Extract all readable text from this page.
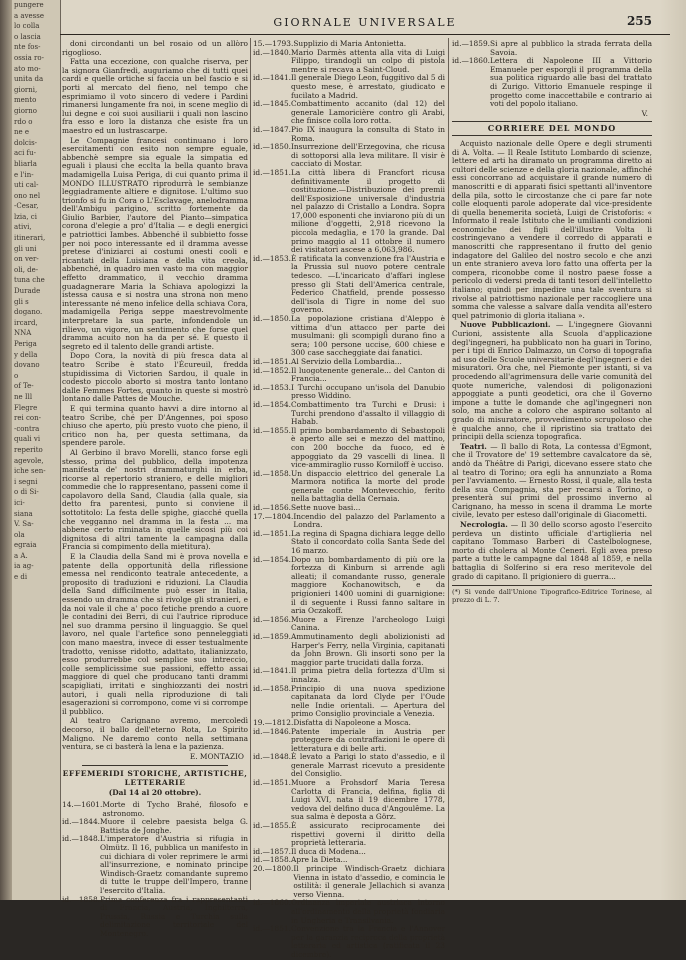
pungere
a avesse
lo colla
o lascia
nte fos-
ossia ro-
ato mo-
unita da
giorni,
mento
giorno
rdo o
ne e
dolcis-
aci fu-
bliarla
e l'in-
uti cal-
ono nel
-Cesar,
lzia, ci
ativi,
itinerari,
gli uni
on ver-
oli, de-
tuna che
Durade
gli s
dogano.
ircard,
NNA
Periga
y della
dovano
o
of Te-
ne Ill
Flegre
rei con-
-contra
quali vi
reperito
agevole,
iche sen-
i segni
o di Si-
ici-
siana
V. Sa-
ola
egraia
a A.
ia ag-
e di
GIORNALE UNIVERSALE	255

doni circondanti un bel rosaio od un allòro rigoglioso.

Fatta una eccezione, con qualche riserva, per la signora Gianfredi, auguriamo che di tutti quei cardi e quelle ortiche si faccia un bel fascio e si porti al mercato del fieno, nel tempo che esprimiamo il voto sincero di vedere i Pardini rimanersi lungamente fra noi, in scene meglio di lui degne e coi suoi ausiliarii i quali non lascino fra esso e loro la distanza che esiste fra un maestro ed un lustrascarpe.

Le Compagnie francesi continuano i loro esercitamenti con esito non sempre eguale, abbenchè sempre sia eguale la simpatia ed eguali i plausi che ecclta la bella quanto brava madamigella Luisa Periga, di cui quanto prima il MONDO ILLUSTRATO riprodurrà le sembianze leggiadramente altiere e dignitose. L'ultimo suo trionfo si fu in Cora o L'Esclavage, anelodramma dell'Ambigu parigino, scritto fortemente da Giulio Barbier, l'autore del Pianto—simpatica corona d'elegie a pro' d'Italia — e degli energici e patriottici Iambes. Abbenché il subbietto fosse per noi poco interessante ed il dramma avesse pretese d'iniziarci ai costumi onesti cooli e ricantati della Luisiana e della vita creola, abbenché, in quadro men vasto ma con maggior effetto drammatico, il vecchio dramma guadagnerare Maria la Schiava apologizzi la istessa causa e si nostra una strona non meno interessante né meno infelice della schiava Cora, madamigella Periga seppe maestrevolmente interpretare la sua parte, infondendole un rilievo, un vigore, un sentimento che forse quel dramma acuito non ha da per sé. E questo il segreto ed il talento delle grandi artiste.

Dopo Cora, la novità di più fresca data al teatro Scribe è stato l'Écureuil, fredda stupidissima di Victorien Sardou, il quale in codesto piccolo aborto si mostra tanto lontano dalle Femmes Fortes, quanto in queste si mostrò lontano dalle Pattes de Mouche.

E qui termina quanto havvi a dire intorno al teatro Scribe, ché per D'Angennes, poi sposo chiuso che aperto, più presto vuoto che pieno, il critico non ha, per questa settimana, da spendere parole.

Al Gerbino il bravo Morelli, stanco forse egli stesso, prima del pubblico, della impotenza manifesta de' nostri drammaturghi in erba, ricorse al repertorio straniero, e delle migliori commedie che lo rappresentano, passeni come il capolavoro della Sand, Claudia (alla quale, sia detto fra parentesi, punto si conviene il sottotitolo: La festa delle spighe, giacché quella che vegganno nel dramma in la festa ... ma abbene certo riminata in quelle sicosi più coi dignitosa di altri tamente la campagna dalla Francia si compimento della mietitura).

E la Claudia della Sand mi è prova novella e patente della opportunità della riflessione emessa nel rendiconto teatrale antecedente, a proposito di traduzioni e riduzioni. La Claudia della Sand difficilmente può esser in Italia, essendo un dramma che si rivolge gli stranieri, e da noi vale il che a' poco fetiche prendo a cuore le contadini dei Berri, di cui l'autrice riproduce nel suo dramma persino il linguaggio. Se quel lavoro, nel quale l'artefice sono penneleggiati con mano maestra, invece di esser testualmente tradotto, venisse ridotto, adattato, italianizzato, esso produrrebbe col semplice suo intreccio, colle semplicissime sue passioni, effetto assai maggiore di quel che producano tanti drammi scapigliati, irritati e singhiozzanti dei nostri autori, i quali nella riproduzione di tali esagerazioni si corrompono, come vi si corrompe il pubblico.

Al teatro Carignano avremo, mercoledì decorso, il ballo dell'eterno Rota, Lo Spirito Maligno. Ne daremo conto nella settimana ventura, se ci basterà la lena e la pazienza.

E. MONTAZIO
EFFEMERIDI STORICHE, ARTISTICHE, LETTERARIE
(Dal 14 al 20 ottobre).
14.—1601. Morte di Tycho Brahé, filosofo e astronomo.
id.—1844. Muore il celebre paesista belga G. Battista de Jonghe.
id.—1848. L'imperatore d'Austria si rifugia in Olmütz. Il 16, pubblica un manifesto in cui dichiara di voler reprimere le armi all'insurrezione, e nominato principe Windisch-Graetz comandante supremo di tutte le truppe dell'Impero, tranne l'esercito d'Italia.
id.—1858. Prima conferenza fra i rappresentanti di Francia, Austria, Inghilterra, Prussia, Russia e Turchia sulla delimitazione territoriale del Montenegro.
15.—1793. Supplizio di Maria Antonietta.
id.—1840. Mario Darmès attenta alla vita di Luigi Filippo, tirandogli un colpo di pistola mentre si recava a Saint-Cloud.
id.—1841. Il generale Diego Leon, fuggitivo dal 5 di questo mese, è arrestato, giudicato e fucilato a Madrid.
id.—1845. Combattimento accanito (dal 12) del generale Lamoricière contro gli Arabi, che finisce colla loro rotta.
id.—1847. Pio IX inaugura la consulta di Stato in Roma.
id.—1850. Insurrezione dell'Erzegovina, che ricusa di sottoporsi alla leva militare. Il visir è cacciato di Mostar.
id.—1851. La città libera di Francfort ricusa definitivamente il progetto di costituzione.—Distribuzione dei premii dell'Esposizione universale d'industria nel palazzo di Cristallo a Londra. Sopra 17,000 esponenti che inviarono più di un milione d'oggetti, 2,918 ricevono la piccola medaglia, e 170 la grande. Dal primo maggio al 11 ottobre il numero dei visitatori ascese a 6,063,986.
id.—1853. È ratificata la convenzione fra l'Austria e la Prussia sul nuovo potere centrale tedesco. —L'incaricato d'affari inglese presso gli Stati dell'America centrale, Federico Chatfield, prende possesso dell'isola di Tigre in nome del suo governo.
id.—1850. La popolazione cristiana d'Aleppo è vittima d'un attacco per parte dei musulmani: gli scompigli durano fino a sera; 100 persone uccise, 600 chiese e 300 case saccheggiate dai fanatici.
id.—1851. Al Servizio della Lombardia...
id.—1852. Il luogotenente generale... del Canton di Francia...
id.—1853. I Turchi occupano un'isola del Danubio presso Widdino.
id.—1854. Combattimento tra Turchi e Drusi: i Turchi prendono d'assalto il villaggio di Habab.
id.—1855. Il primo bombardamento di Sebastopoli è aperto alle sei e mezzo del mattino, con 200 bocche da fuoco, ed è appoggiato da 29 vascelli di linea. Il vice-ammiraglio russo Korniloff è ucciso.
id.—1858. Un dispaccio elettrico del generale La Marmora notifica la morte del prode generale conte Montevecchio, ferito nella battaglia della Cernaia.
id.—1856. Sette nuove basi...
17.—1804. Incendio del palazzo del Parlamento a Londra.
id.—1851. La regina di Spagna dichiara legge dello Stato il concordato colla Santa Sede del 16 marzo.
id.—1854. Dopo un bombardamento di più ore la fortezza di Kinburn si arrende agli alleati; il comandante russo, generale maggiore Kochanowitsch, e da prigionieri 1400 uomini di guarnigione: il di seguente i Russi fanno saltare in aria Oczakoff.
id.—1856. Muore a Firenze l'archeologo Luigi Canina.
id.—1859. Ammutinamento degli abolizionisti ad Harper's Ferry, nella Virginia, capitanati da John Brown. Gli insorti sono per la maggior parte trucidati dalla forza.
id.—1841. Il prima pietra della fortezza d'Ulm si innalza.
id.—1858. Principio di una nuova spedizione capitanata da lord Clyde per l'Oude nelle Indie orientali. — Apertura del primo Consiglio provinciale a Venezia.
19.—1812. Disfatta di Napoleone a Mosca.
id.—1846. Patente imperiale in Austria per proteggere da contraffazioni le opere di letteratura e di belle arti.
id.—1848. È levato a Parigi lo stato d'assedio, e il generale Marrast ricevuto a presidente del Consiglio.
id.—1851. Muore a Frohsdorf Maria Teresa Carlotta di Francia, delfina, figlia di Luigi XVI, nata il 19 dicembre 1778, vedova del delfino duca d'Angoulême. La sua salma è deposta a Görz.
id.—1855. È assicurato reciprocamente dei rispettivi governi il diritto della proprietà letteraria.
id.—1857. Il duca di Modena...
id.—1858. Apre la Dieta...
20.—1800. Il principe Windisch-Graetz dichiara Vienna in istato d'assedio, e comincia le ostilità: il generale Jellachich si avanza verso Vienna.
id.—1860. Ordinanza imperiale austriaca intorno all'ordinamento della proprietà fondiaria in Ungheria e Transilvania.
id.—1851. Convenzione tra la Francia e l'Annover per la garanzia reciproca della proprietà letteraria ed artistica (ratificata il 23 dicembre).
id.—1859. Si apre al pubblico la strada ferrata della Savoia.
id.—1860. Lettera di Napoleone III a Vittorio Emanuele per esporgli il programma della sua politica riguardo alle basi del trattato di Zurigo. Vittorio Emanuele respinge il progetto come inaccettabile e contrario ai voti del popolo italiano.
V.
CORRIERE DEL MONDO

Acquisto nazionale delle Opere e degli strumenti di A. Volta. — Il Reale Istituto Lombardo di scienze, lettere ed arti ha diramato un programma diretto ai cultori delle scienze e della gloria nazionale, affinché essi concorrano ad acquistare il grande numero di manoscritti e di apparati fisici spettanti all'inventore della pila, sotto le circostanze che ci pare far note colle eloquenti parole adoperate dal vice-presidente di quella benemerita società, Luigi de Cristoforis: « Informato il reale Istituto che le umilianti condizioni economiche dei figli dell'illustre Volta li costringevano a vendere il corredo di apparati e manoscritti che rappresentano il frutto del genio indagatore del Galileo del nostro secolo e che anzi un ente straniero aveva loro fatto una offerta per la compera, riconobbe come il nostro paese fosse a pericolo di vedersi preda di tanti tesori dell'intelletto italiano; quindi per impedire una tale sventura si rivolse al patriottismo nazionale per raccogliere una somma che valesse a salvare dalla vendita all'estero quel patrimonio di gloria italiana ».

Nuove Pubblicazioni. — L'ingegnere Giovanni Curioni, assistente alla Scuola d'applicazione degl'ingegneri, ha pubblicato non ha guari in Torino, per i tipi di Enrico Dalmazzo, un Corso di topografia ad uso delle Scuole universitarie degl'ingegneri e dei misuratori. Ora che, nel Piemonte per istanti, si va procedendo all'agrimensura delle varie comunità del quote numeriche, valendosi di poligonazioni appoggiate a punti geodetici, ora che il Governo impone a tutte le domande che agl'ingegneri non solo, ma anche a coloro che aspirano soltanto al grado di misuratore, provvedimento scrupoloso che è qualche anno, che il ripristino sia trattato dei principii della scienza topografica.

Teatri. — Il ballo di Rota, La contessa d'Egmont, che il Trovatore de' 19 settembre cavalcatore da sè, andò da Théâtre di Parigi, dicevano essere stato che al teatro di Torino; ora egli ha annunziato a Roma per l'avviamento. — Ernesto Rossi, il quale, alla testa della sua Compagnia, sta per recarsi a Torino, o presenterà sui primi del prossimo inverno al Carignano, ha messo in scena il dramma Le morte civile, levato per esteso dall'originale di Giacometti.

Necrologia. — Il 30 dello scorso agosto l'esercito perdeva un distinto ufficiale d'artiglieria nel capitano Tommaso Barberi di Castelbolognese, morto di cholera al Monte Ceneri. Egli avea preso parte a tutte le campagne dal 1848 al 1859, e nella battaglia di Solferino si era reso meritevole del grado di capitano. Il prigioniero di guerra...

(*) Si vende dall'Unione Tipografico-Editrice Torinese, al prezzo di L. 7.
